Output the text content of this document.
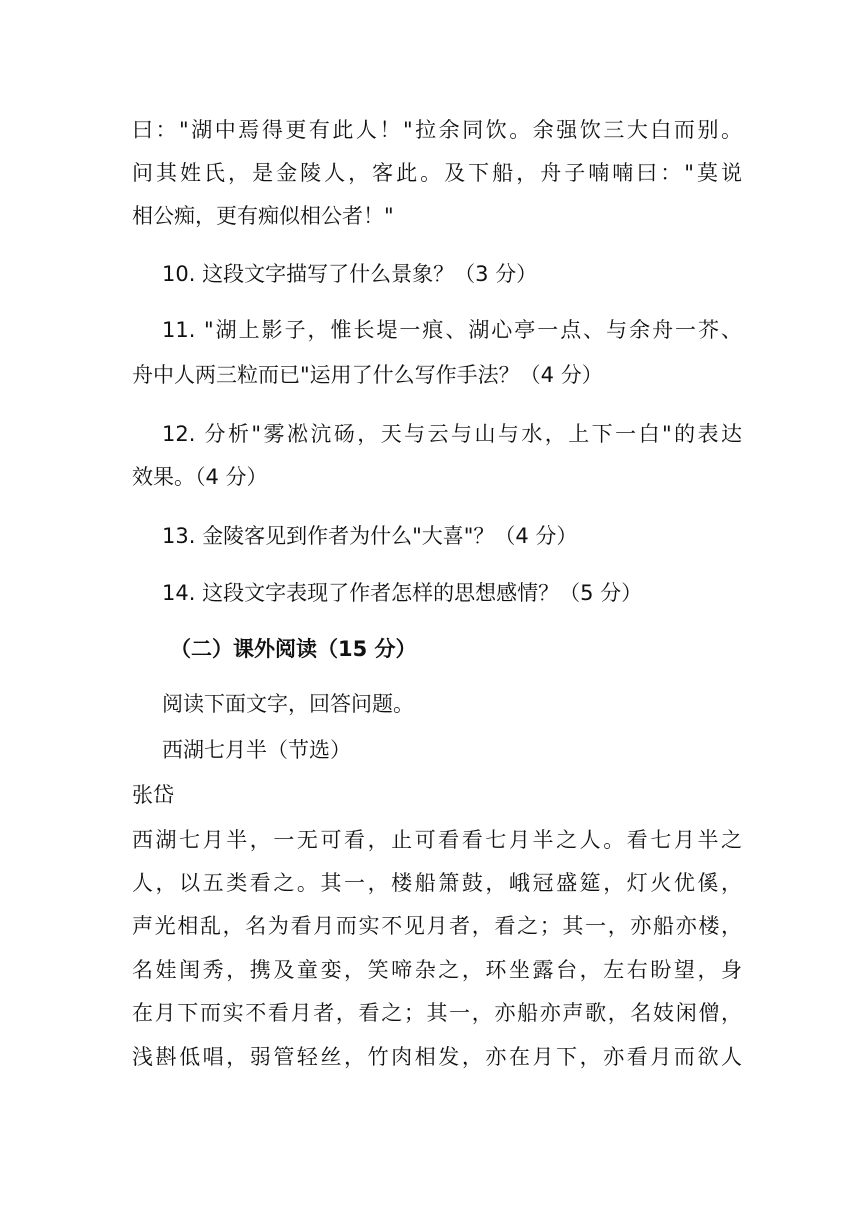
曰："湖中焉得更有此人！"拉余同饮。余强饮三大白而别。
问其姓氏，是金陵人，客此。及下船，舟子喃喃曰："莫说
相公痴，更有痴似相公者！"
10. 这段文字描写了什么景象？（3 分）
11. "湖上影子，惟长堤一痕、湖心亭一点、与余舟一芥、
舟中人两三粒而已"运用了什么写作手法？（4 分）
12. 分析"雾凇沆砀，天与云与山与水，上下一白"的表达
效果。（4 分）
13. 金陵客见到作者为什么"大喜"？（4 分）
14. 这段文字表现了作者怎样的思想感情？（5 分）
（二）课外阅读（15 分）
阅读下面文字，回答问题。
西湖七月半（节选）
张岱
西湖七月半，一无可看，止可看看七月半之人。看七月半之
人，以五类看之。其一，楼船箫鼓，峨冠盛筵，灯火优傒，
声光相乱，名为看月而实不见月者，看之；其一，亦船亦楼，
名娃闺秀，携及童娈，笑啼杂之，环坐露台，左右盼望，身
在月下而实不看月者，看之；其一，亦船亦声歌，名妓闲僧，
浅斟低唱，弱管轻丝，竹肉相发，亦在月下，亦看月而欲人
